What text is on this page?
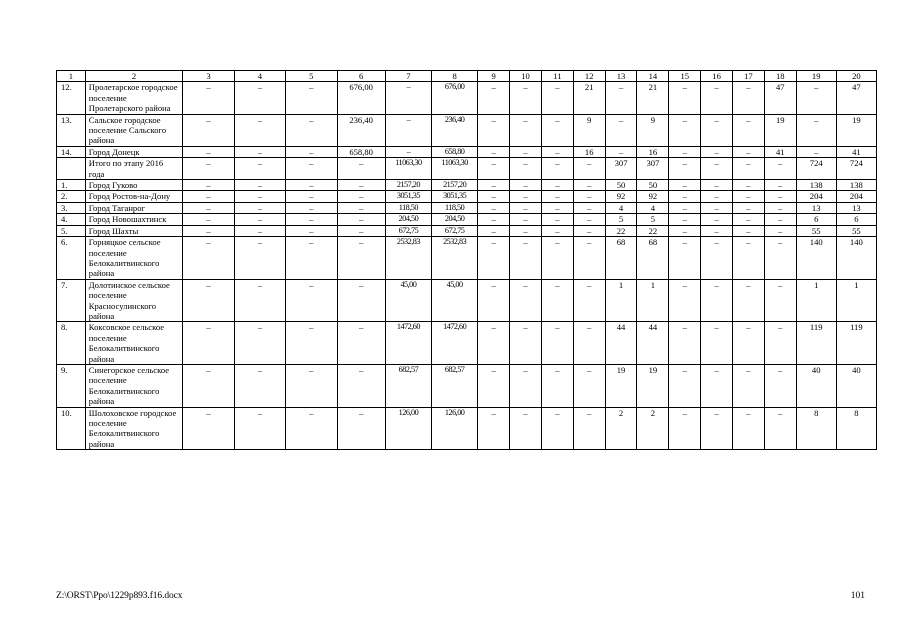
1	2	3	4	5	6	7	8	9	10	11	12	13	14	15	16	17	18	19	20
12.	Пролетарское городское поселение Пролетарского района	–	–	–	676,00	–	676,00	–	–	–	21	–	21	–	–	–	47	–	47
13.	Сальское городское поселение Сальского района	–	–	–	236,40	–	236,40	–	–	–	9	–	9	–	–	–	19	–	19
14.	Город Донецк	–	–	–	658,80	–	658,80	–	–	–	16	–	16	–	–	–	41	–	41
	Итого по этапу 2016 года	–	–	–	–	11063,30	11063,30	–	–	–	–	307	307	–	–	–	–	724	724
1.	Город Гуково	–	–	–	–	2157,20	2157,20	–	–	–	–	50	50	–	–	–	–	138	138
2.	Город Ростов-на-Дону	–	–	–	–	3051,35	3051,35	–	–	–	–	92	92	–	–	–	–	204	204
3.	Город Таганрог	–	–	–	–	118,50	118,50	–	–	–	–	4	4	–	–	–	–	13	13
4.	Город Новошахтинск	–	–	–	–	204,50	204,50	–	–	–	–	5	5	–	–	–	–	6	6
5.	Город Шахты	–	–	–	–	672,75	672,75	–	–	–	–	22	22	–	–	–	–	55	55
6.	Горняцкое сельское поселение Белокалитвинского района	–	–	–	–	2532,83	2532,83	–	–	–	–	68	68	–	–	–	–	140	140
7.	Долотинское сельское поселение Красносулинского района	–	–	–	–	45,00	45,00	–	–	–	–	1	1	–	–	–	–	1	1
8.	Коксовское сельское поселение Белокалитвинского района	–	–	–	–	1472,60	1472,60	–	–	–	–	44	44	–	–	–	–	119	119
9.	Синегорское сельское поселение Белокалитвинского района	–	–	–	–	682,57	682,57	–	–	–	–	19	19	–	–	–	–	40	40
10.	Шолоховское городское поселение Белокалитвинского района	–	–	–	–	126,00	126,00	–	–	–	–	2	2	–	–	–	–	8	8
Z:\ORST\Ppo\1229p893.f16.docx	101
